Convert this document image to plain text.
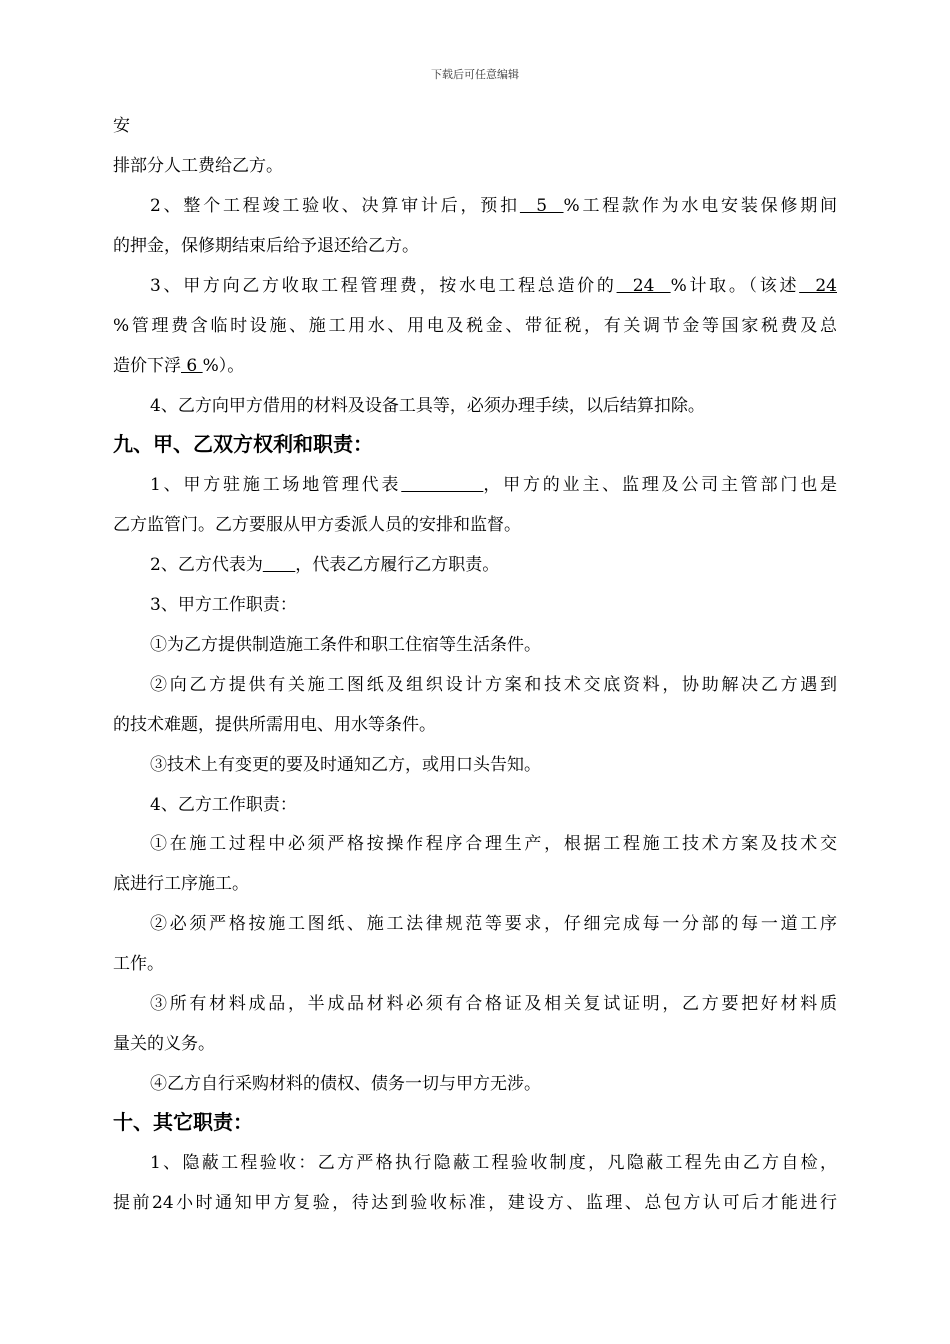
下载后可任意编辑
安
排部分人工费给乙方。
2、整个工程竣工验收、决算审计后，预扣  5  %工程款作为水电安装保修期间
的押金，保修期结束后给予退还给乙方。
3、甲方向乙方收取工程管理费，按水电工程总造价的  24  %计取。（该述  24
%管理费含临时设施、施工用水、用电及税金、带征税，有关调节金等国家税费及总
造价下浮 6 %）。
4、乙方向甲方借用的材料及设备工具等，必须办理手续，以后结算扣除。
九、甲、乙双方权利和职责：
1、甲方驻施工场地管理代表	，甲方的业主、监理及公司主管部门也是
乙方监管门。乙方要服从甲方委派人员的安排和监督。
2、乙方代表为 ，代表乙方履行乙方职责。
3、甲方工作职责：
①为乙方提供制造施工条件和职工住宿等生活条件。
②向乙方提供有关施工图纸及组织设计方案和技术交底资料，协助解决乙方遇到
的技术难题，提供所需用电、用水等条件。
③技术上有变更的要及时通知乙方，或用口头告知。
4、乙方工作职责：
①在施工过程中必须严格按操作程序合理生产，根据工程施工技术方案及技术交
底进行工序施工。
②必须严格按施工图纸、施工法律规范等要求，仔细完成每一分部的每一道工序
工作。
③所有材料成品，半成品材料必须有合格证及相关复试证明，乙方要把好材料质
量关的义务。
④乙方自行采购材料的债权、债务一切与甲方无涉。
十、其它职责：
1、隐蔽工程验收：乙方严格执行隐蔽工程验收制度，凡隐蔽工程先由乙方自检，
提前24小时通知甲方复验，待达到验收标准，建设方、监理、总包方认可后才能进行
